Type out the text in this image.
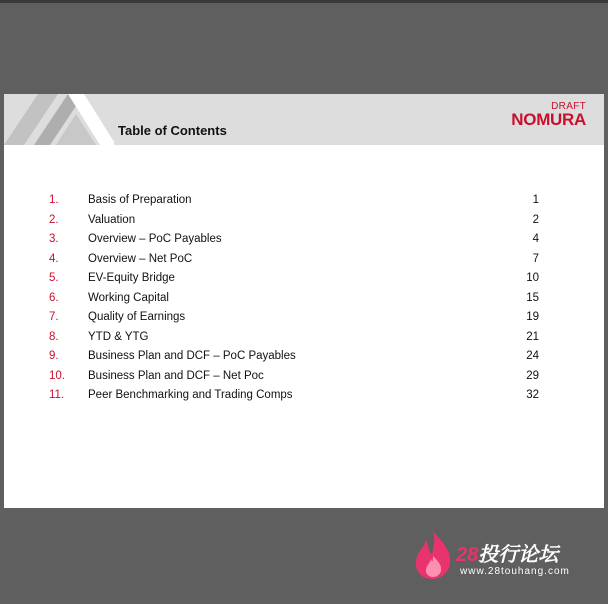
Table of Contents
DRAFT
NOMURA
1.	Basis of Preparation	1
2.	Valuation	2
3.	Overview – PoC Payables	4
4.	Overview – Net PoC	7
5.	EV-Equity Bridge	10
6.	Working Capital	15
7.	Quality of Earnings	19
8.	YTD & YTG	21
9.	Business Plan and DCF – PoC Payables	24
10. Business Plan and DCF – Net Poc	29
11. Peer Benchmarking and Trading Comps	32
28投行论坛
www.28touhang.com
